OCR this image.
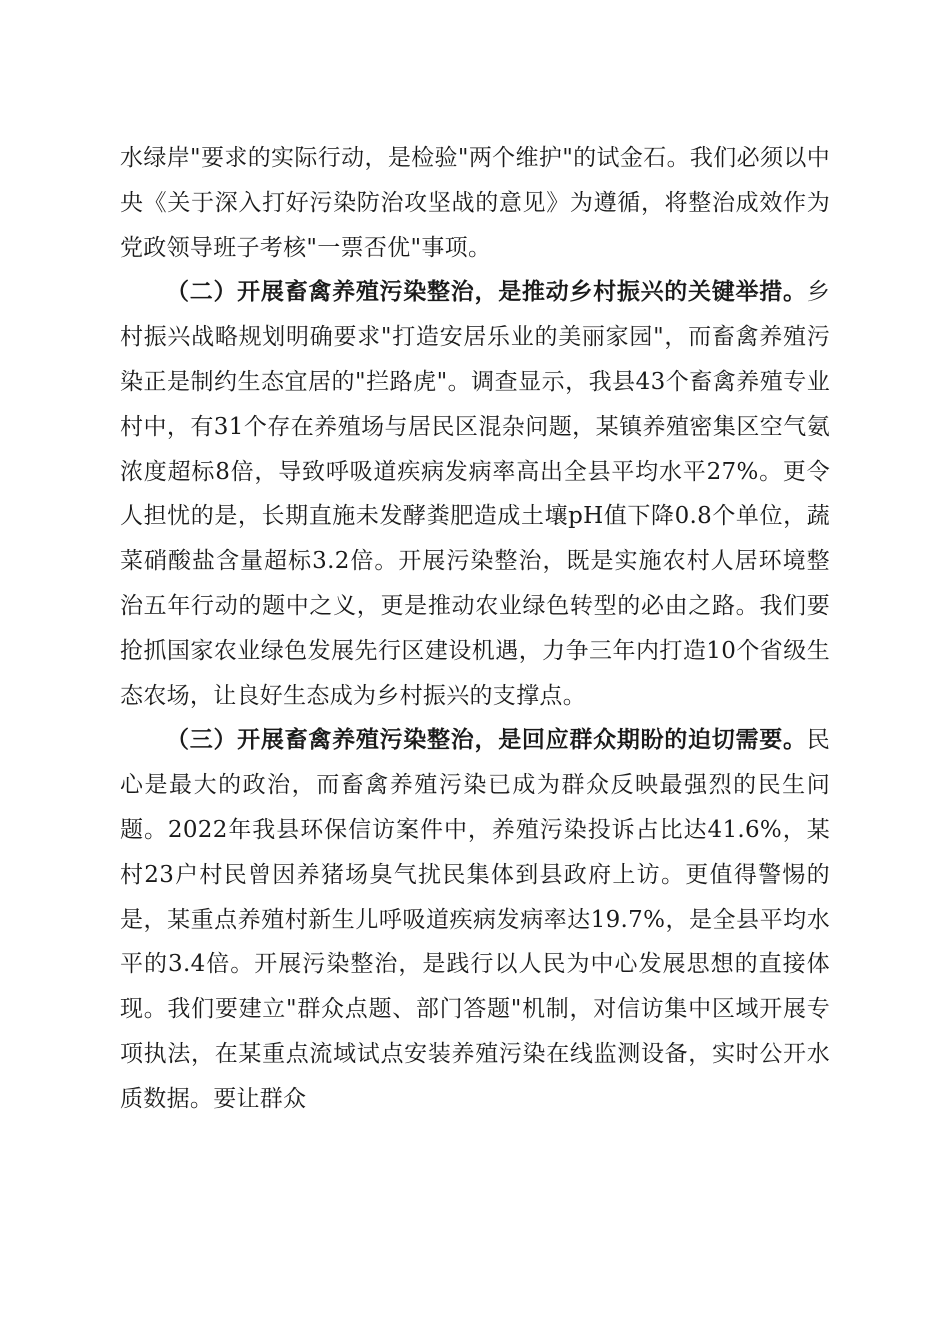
水绿岸"要求的实际行动，是检验"两个维护"的试金石。我们必须以中央《关于深入打好污染防治攻坚战的意见》为遵循，将整治成效作为党政领导班子考核"一票否优"事项。

（二）开展畜禽养殖污染整治，是推动乡村振兴的关键举措。乡村振兴战略规划明确要求"打造安居乐业的美丽家园"，而畜禽养殖污染正是制约生态宜居的"拦路虎"。调查显示，我县43个畜禽养殖专业村中，有31个存在养殖场与居民区混杂问题，某镇养殖密集区空气氨浓度超标8倍，导致呼吸道疾病发病率高出全县平均水平27%。更令人担忧的是，长期直施未发酵粪肥造成土壤pH值下降0.8个单位，蔬菜硝酸盐含量超标3.2倍。开展污染整治，既是实施农村人居环境整治五年行动的题中之义，更是推动农业绿色转型的必由之路。我们要抢抓国家农业绿色发展先行区建设机遇，力争三年内打造10个省级生态农场，让良好生态成为乡村振兴的支撑点。

（三）开展畜禽养殖污染整治，是回应群众期盼的迫切需要。民心是最大的政治，而畜禽养殖污染已成为群众反映最强烈的民生问题。2022年我县环保信访案件中，养殖污染投诉占比达41.6%，某村23户村民曾因养猪场臭气扰民集体到县政府上访。更值得警惕的是，某重点养殖村新生儿呼吸道疾病发病率达19.7%，是全县平均水平的3.4倍。开展污染整治，是践行以人民为中心发展思想的直接体现。我们要建立"群众点题、部门答题"机制，对信访集中区域开展专项执法，在某重点流域试点安装养殖污染在线监测设备，实时公开水质数据。要让群众
